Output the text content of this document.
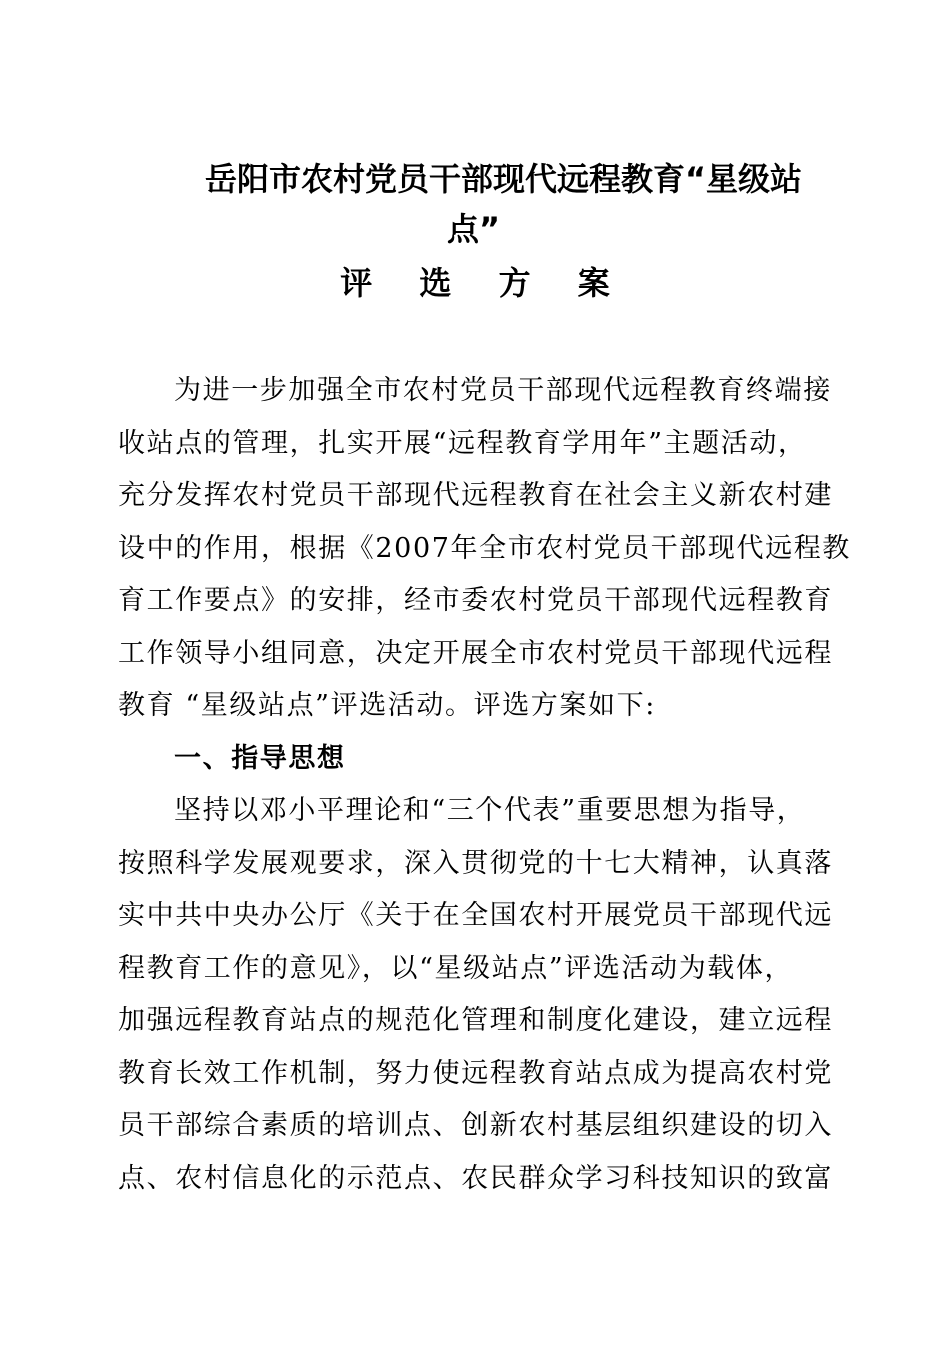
岳阳市农村党员干部现代远程教育“星级站
点”
评 选 方 案
为进一步加强全市农村党员干部现代远程教育终端接
收站点的管理，扎实开展“远程教育学用年”主题活动，
充分发挥农村党员干部现代远程教育在社会主义新农村建
设中的作用，根据《2007年全市农村党员干部现代远程教
育工作要点》的安排，经市委农村党员干部现代远程教育
工作领导小组同意，决定开展全市农村党员干部现代远程
教育 “星级站点”评选活动。评选方案如下:
一、指导思想
坚持以邓小平理论和“三个代表”重要思想为指导，
按照科学发展观要求，深入贯彻党的十七大精神，认真落
实中共中央办公厅《关于在全国农村开展党员干部现代远
程教育工作的意见》，以“星级站点”评选活动为载体，
加强远程教育站点的规范化管理和制度化建设，建立远程
教育长效工作机制，努力使远程教育站点成为提高农村党
员干部综合素质的培训点、创新农村基层组织建设的切入
点、农村信息化的示范点、农民群众学习科技知识的致富
